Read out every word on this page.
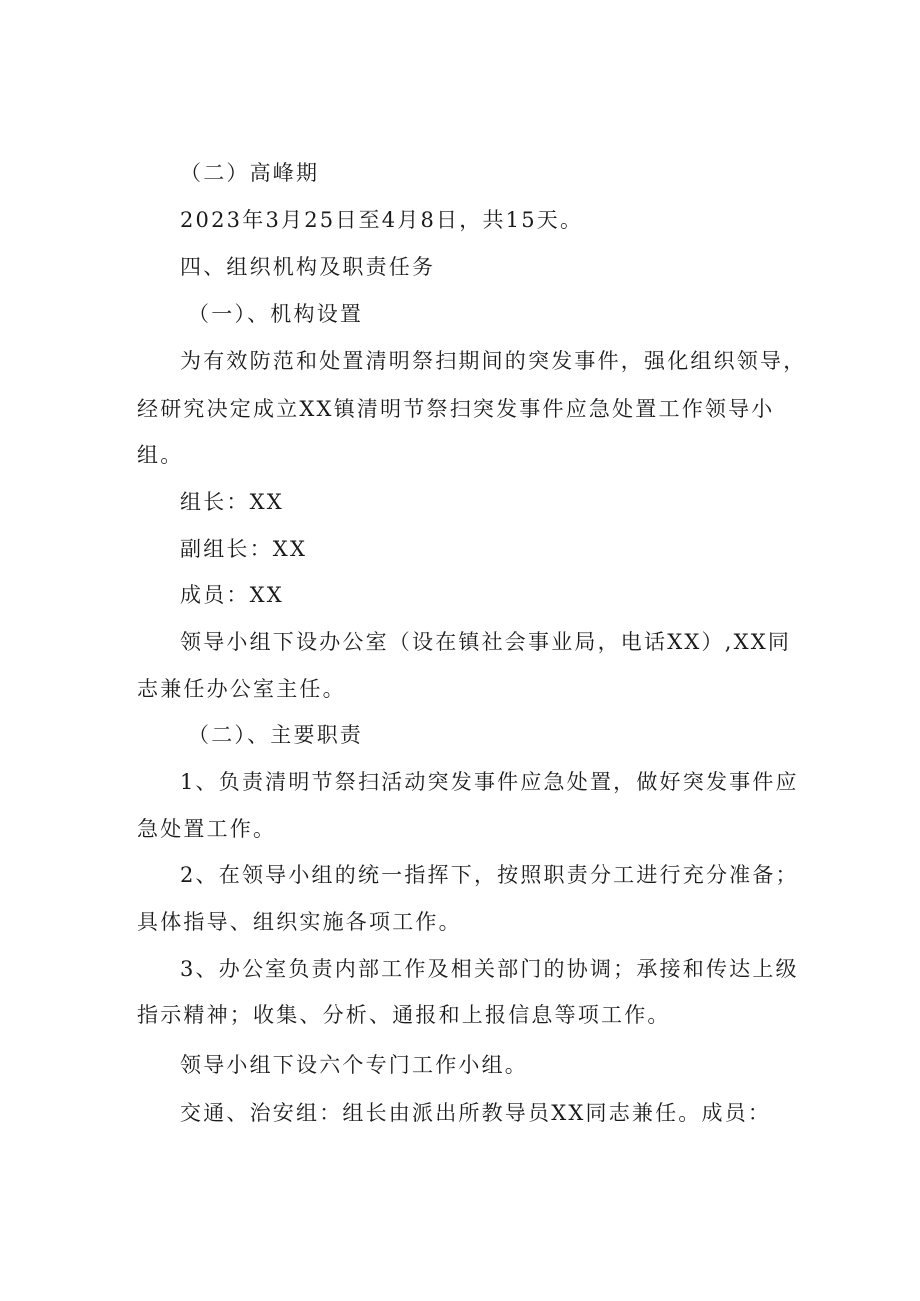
（二）高峰期
2023年3月25日至4月8日，共15天。
四、组织机构及职责任务
（一）、机构设置
为有效防范和处置清明祭扫期间的突发事件，强化组织领导，
经研究决定成立XX镇清明节祭扫突发事件应急处置工作领导小
组。
组长：XX
副组长：XX
成员：XX
领导小组下设办公室（设在镇社会事业局，电话XX）,XX同
志兼任办公室主任。
（二）、主要职责
1、负责清明节祭扫活动突发事件应急处置，做好突发事件应
急处置工作。
2、在领导小组的统一指挥下，按照职责分工进行充分准备；
具体指导、组织实施各项工作。
3、办公室负责内部工作及相关部门的协调；承接和传达上级
指示精神；收集、分析、通报和上报信息等项工作。
领导小组下设六个专门工作小组。
交通、治安组：组长由派出所教导员XX同志兼任。成员：
